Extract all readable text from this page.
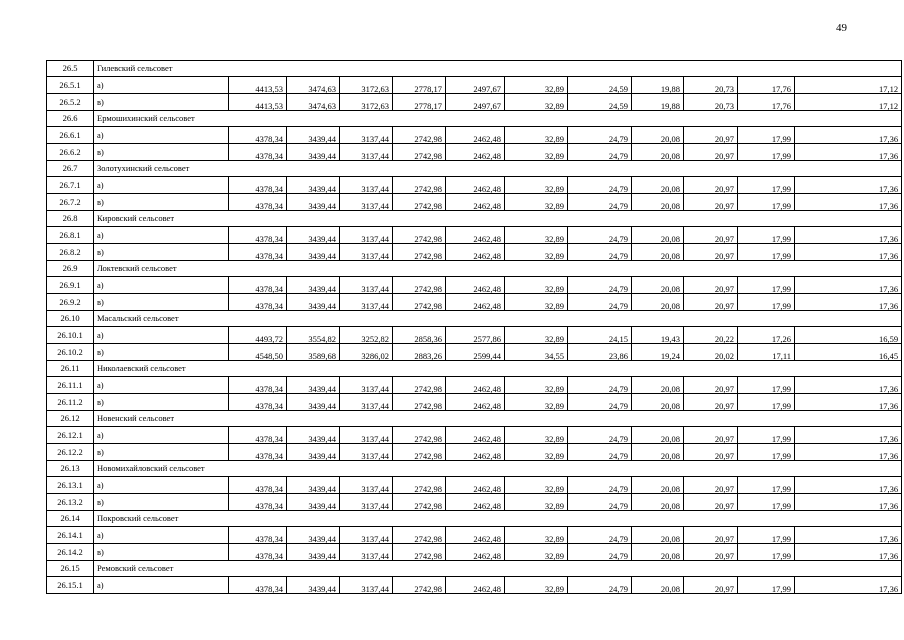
49
26.5	Гилевский сельсовет											
26.5.1	а)	4413,53	3474,63	3172,63	2778,17	2497,67	32,89	24,59	19,88	20,73	17,76	17,12
26.5.2	в)	4413,53	3474,63	3172,63	2778,17	2497,67	32,89	24,59	19,88	20,73	17,76	17,12
26.6	Ермошихинский сельсовет											
26.6.1	а)	4378,34	3439,44	3137,44	2742,98	2462,48	32,89	24,79	20,08	20,97	17,99	17,36
26.6.2	в)	4378,34	3439,44	3137,44	2742,98	2462,48	32,89	24,79	20,08	20,97	17,99	17,36
26.7	Золотухинский сельсовет											
26.7.1	а)	4378,34	3439,44	3137,44	2742,98	2462,48	32,89	24,79	20,08	20,97	17,99	17,36
26.7.2	в)	4378,34	3439,44	3137,44	2742,98	2462,48	32,89	24,79	20,08	20,97	17,99	17,36
26.8	Кировский сельсовет											
26.8.1	а)	4378,34	3439,44	3137,44	2742,98	2462,48	32,89	24,79	20,08	20,97	17,99	17,36
26.8.2	в)	4378,34	3439,44	3137,44	2742,98	2462,48	32,89	24,79	20,08	20,97	17,99	17,36
26.9	Локтевский сельсовет											
26.9.1	а)	4378,34	3439,44	3137,44	2742,98	2462,48	32,89	24,79	20,08	20,97	17,99	17,36
26.9.2	в)	4378,34	3439,44	3137,44	2742,98	2462,48	32,89	24,79	20,08	20,97	17,99	17,36
26.10	Масальский сельсовет											
26.10.1	а)	4493,72	3554,82	3252,82	2858,36	2577,86	32,89	24,15	19,43	20,22	17,26	16,59
26.10.2	в)	4548,50	3589,68	3286,02	2883,26	2599,44	34,55	23,86	19,24	20,02	17,11	16,45
26.11	Николаевский сельсовет											
26.11.1	а)	4378,34	3439,44	3137,44	2742,98	2462,48	32,89	24,79	20,08	20,97	17,99	17,36
26.11.2	в)	4378,34	3439,44	3137,44	2742,98	2462,48	32,89	24,79	20,08	20,97	17,99	17,36
26.12	Новенский сельсовет											
26.12.1	а)	4378,34	3439,44	3137,44	2742,98	2462,48	32,89	24,79	20,08	20,97	17,99	17,36
26.12.2	в)	4378,34	3439,44	3137,44	2742,98	2462,48	32,89	24,79	20,08	20,97	17,99	17,36
26.13	Новомихайловский сельсовет											
26.13.1	а)	4378,34	3439,44	3137,44	2742,98	2462,48	32,89	24,79	20,08	20,97	17,99	17,36
26.13.2	в)	4378,34	3439,44	3137,44	2742,98	2462,48	32,89	24,79	20,08	20,97	17,99	17,36
26.14	Покровский сельсовет											
26.14.1	а)	4378,34	3439,44	3137,44	2742,98	2462,48	32,89	24,79	20,08	20,97	17,99	17,36
26.14.2	в)	4378,34	3439,44	3137,44	2742,98	2462,48	32,89	24,79	20,08	20,97	17,99	17,36
26.15	Ремовский сельсовет											
26.15.1	а)	4378,34	3439,44	3137,44	2742,98	2462,48	32,89	24,79	20,08	20,97	17,99	17,36
